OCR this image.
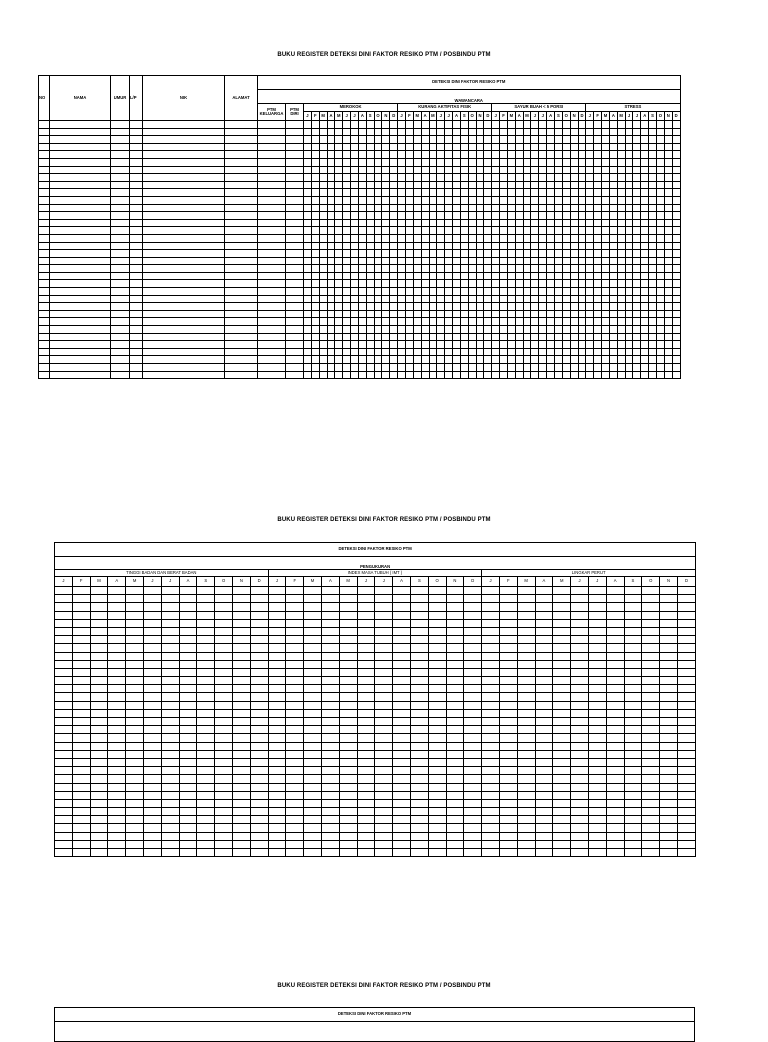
BUKU REGISTER DETEKSI DINI FAKTOR RESIKO PTM / POSBINDU PTM
NO	NAMA	UMUR	L/P	NIK	ALAMAT	DETEKSI DINI FAKTOR RESIKO PTM																																																	
						WAWANCARA																																																	
						PTM KELUARGA	PTM DIRI	MEROKOK												KURANG AKTIFITAS FISIK												SAYUR BUAH < 5 PORSI												STRESS											
								J	F	M	A	M	J	J	A	S	O	N	D	J	F	M	A	M	J	J	A	S	O	N	D	J	F	M	A	M	J	J	A	S	O	N	D	J	F	M	A	M	J	J	A	S	O	N	D

BUKU REGISTER DETEKSI DINI FAKTOR RESIKO PTM / POSBINDU PTM
DETEKSI DINI FAKTOR RESIKO PTM																																			
PENGUKURAN																																			
TINGGI BADAN DAN BERAT BADAN												INDEX MASA TUBUH ( IMT )												LINGKAR PERUT											
J	F	M	A	M	J	J	A	S	O	N	D	J	F	M	A	M	J	J	A	S	O	N	D	J	F	M	A	M	J	J	A	S	O	N	D

BUKU REGISTER DETEKSI DINI FAKTOR RESIKO PTM / POSBINDU PTM
DETEKSI DINI FAKTOR RESIKO PTM
